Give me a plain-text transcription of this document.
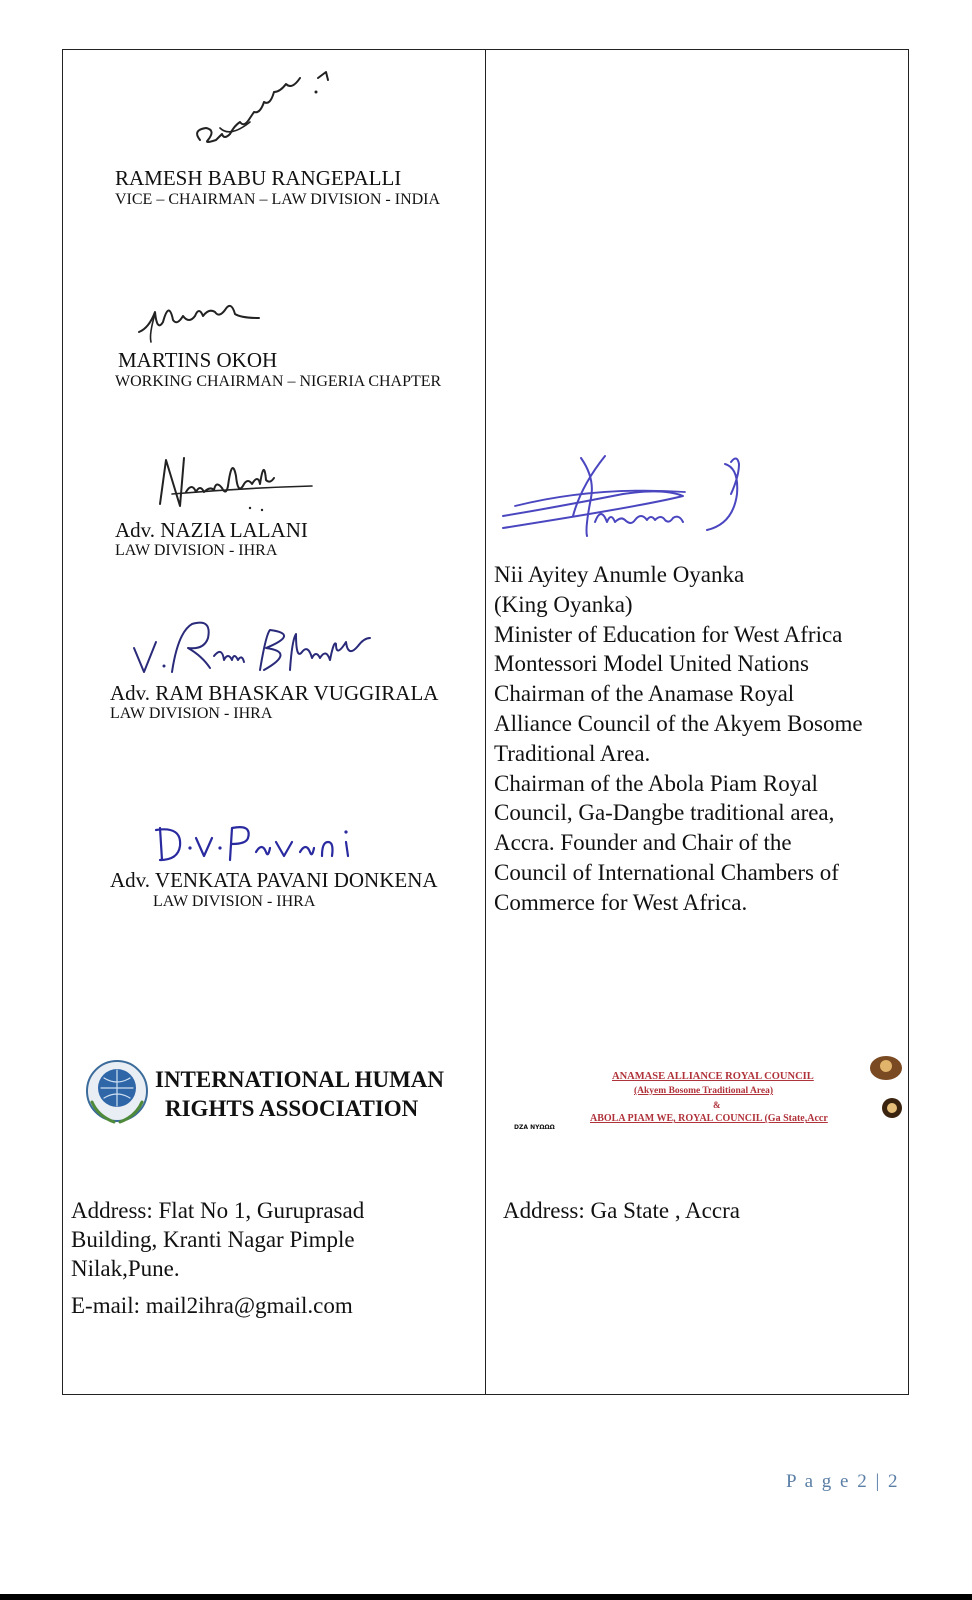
RAMESH BABU RANGEPALLI
VICE – CHAIRMAN – LAW DIVISION - INDIA
MARTINS OKOH
WORKING CHAIRMAN – NIGERIA CHAPTER
Adv. NAZIA LALANI
LAW DIVISION - IHRA
Adv. RAM BHASKAR VUGGIRALA
LAW DIVISION - IHRA
Adv. VENKATA PAVANI DONKENA
LAW DIVISION - IHRA
Nii Ayitey Anumle Oyanka
(King Oyanka)
Minister of Education for West Africa
Montessori Model United Nations
Chairman of the Anamase Royal
Alliance Council of the Akyem Bosome
Traditional Area.
Chairman of the Abola Piam Royal
Council, Ga-Dangbe traditional area,
Accra. Founder and Chair of the
Council of International Chambers of
Commerce for West Africa.
INTERNATIONAL HUMAN
RIGHTS ASSOCIATION
Address: Flat No 1, Guruprasad
Building, Kranti Nagar Pimple
Nilak,Pune.
E-mail: mail2ihra@gmail.com
DZA ΝΥΩΩΩ
ANAMASE ALLIANCE ROYAL COUNCIL
(Akyem Bosome Traditional Area)
&
ABOLA PIAM WE, ROYAL COUNCIL (Ga State,Accr
Address: Ga State , Accra
P a g e 2 | 2
